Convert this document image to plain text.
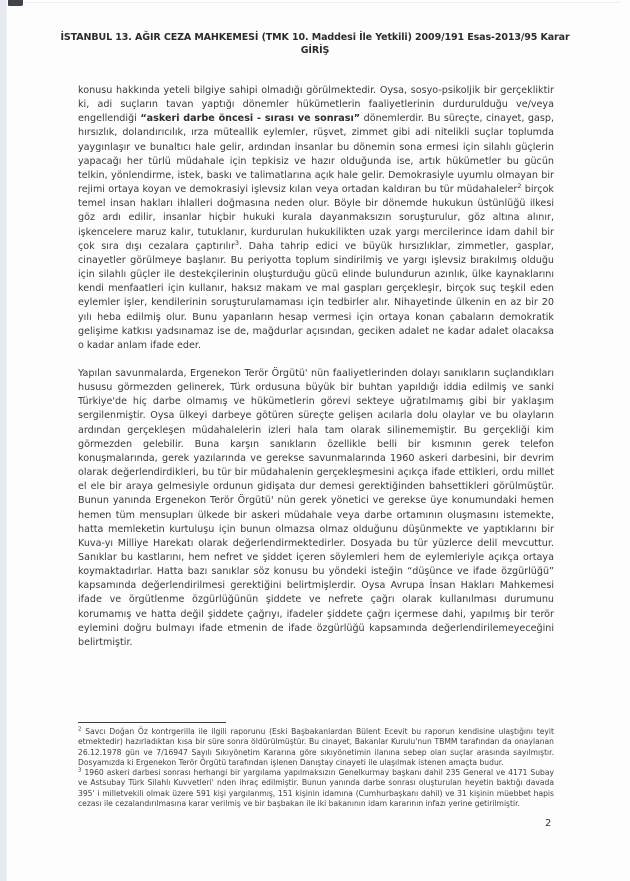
İSTANBUL 13. AĞIR CEZA MAHKEMESİ (TMK 10. Maddesi İle Yetkili) 2009/191 Esas-2013/95 Karar
GİRİŞ

konusu hakkında yeteli bilgiye sahipi olmadığı görülmektedir. Oysa, sosyo-psikoljik bir gerçekliktir ki, adi suçların tavan yaptığı dönemler hükümetlerin faaliyetlerinin durdurulduğu ve/veya engellendiği “askeri darbe öncesi - sırası ve sonrası” dönemlerdir. Bu süreçte, cinayet, gasp, hırsızlık, dolandırıcılık, ırza müteallik eylemler, rüşvet, zimmet gibi adi nitelikli suçlar toplumda yaygınlaşır ve bunaltıcı hale gelir, ardından insanlar bu dönemin sona ermesi için silahlı güçlerin yapacağı her türlü müdahale için tepkisiz ve hazır olduğunda ise, artık hükümetler bu gücün telkin, yönlendirme, istek, baskı ve talimatlarına açık hale gelir. Demokrasiyle uyumlu olmayan bir rejimi ortaya koyan ve demokrasiyi işlevsiz kılan veya ortadan kaldıran bu tür müdahaleler$^2$ birçok temel insan hakları ihlalleri doğmasına neden olur. Böyle bir dönemde hukukun üstünlüğü ilkesi göz ardı edilir, insanlar hiçbir hukuki kurala dayanmaksızın soruşturulur, göz altına alınır, işkencelere maruz kalır, tutuklanır, kurdurulan hukukilikten uzak yargı mercilerince idam dahil bir çok sıra dışı cezalara çaptırılır$^3$. Daha tahrip edici ve büyük hırsızlıklar, zimmetler, gasplar, cinayetler görülmeye başlanır. Bu periyotta toplum sindirilmiş ve yargı işlevsiz bırakılmış olduğu için silahlı güçler ile destekçilerinin oluşturduğu gücü elinde bulundurun azınlık, ülke kaynaklarını kendi menfaatleri için kullanır, haksız makam ve mal gaspları gerçekleşir, birçok suç teşkil eden eylemler işler, kendilerinin soruşturulamaması için tedbirler alır. Nihayetinde ülkenin en az bir 20 yılı heba edilmiş olur. Bunu yapanların hesap vermesi için ortaya konan çabaların demokratik gelişime katkısı yadsınamaz ise de, mağdurlar açısından, geciken adalet ne kadar adalet olacaksa o kadar anlam ifade eder.

Yapılan savunmalarda, Ergenekon Terör Örgütü' nün faaliyetlerinden dolayı sanıkların suçlandıkları hususu görmezden gelinerek, Türk ordusuna büyük bir buhtan yapıldığı iddia edilmiş ve sanki Türkiye'de hiç darbe olmamış ve hükümetlerin görevi sekteye uğratılmamış gibi bir yaklaşım sergilenmiştir. Oysa ülkeyi darbeye götüren süreçte gelişen acılarla dolu olaylar ve bu olayların ardından gerçekleşen müdahalelerin izleri hala tam olarak silinememiştir. Bu gerçekliği kim görmezden gelebilir. Buna karşın sanıkların özellikle belli bir kısmının gerek telefon konuşmalarında, gerek yazılarında ve gerekse savunmalarında 1960 askeri darbesini, bir devrim olarak değerlendirdikleri, bu tür bir müdahalenin gerçekleşmesini açıkça ifade ettikleri, ordu millet el ele bir araya gelmesiyle ordunun gidişata dur demesi gerektiğinden bahsettikleri görülmüştür. Bunun yanında Ergenekon Terör Örgütü' nün gerek yönetici ve gerekse üye konumundaki hemen hemen tüm mensupları ülkede bir askeri müdahale veya darbe ortamının oluşmasını istemekte, hatta memleketin kurtuluşu için bunun olmazsa olmaz olduğunu düşünmekte ve yaptıklarını bir Kuva-yı Milliye Harekatı olarak değerlendirmektedirler. Dosyada bu tür yüzlerce delil mevcuttur. Sanıklar bu kastlarını, hem nefret ve şiddet içeren söylemleri hem de eylemleriyle açıkça ortaya koymaktadırlar. Hatta bazı sanıklar söz konusu bu yöndeki isteğin “düşünce ve ifade özgürlüğü” kapsamında değerlendirilmesi gerektiğini belirtmişlerdir. Oysa Avrupa İnsan Hakları Mahkemesi ifade ve örgütlenme özgürlüğünün şiddete ve nefrete çağrı olarak kullanılması durumunu korumamış ve hatta değil şiddete çağrıyı, ifadeler şiddete çağrı içermese dahi, yapılmış bir terör eylemini doğru bulmayı ifade etmenin de ifade özgürlüğü kapsamında değerlendirilemeyeceğini belirtmiştir.

$^2$ Savcı Doğan Öz kontrgerilla ile ilgili raporunu (Eski Başbakanlardan Bülent Ecevit bu raporun kendisine ulaştığını teyit etmektedir) hazırladıktan kısa bir süre sonra öldürülmüştür. Bu cinayet, Bakanlar Kurulu'nun TBMM tarafından da onaylanan 26.12.1978 gün ve 7/16947 Sayılı Sıkıyönetim Kararına göre sıkıyönetimin ilanına sebep olan suçlar arasında sayılmıştır. Dosyamızda ki Ergenekon Terör Örgütü tarafından işlenen Danıştay cinayeti ile ulaşılmak istenen amaçta budur.

$^3$ 1960 askeri darbesi sonrası herhangi bir yargılama yapılmaksızın Genelkurmay başkanı dahil 235 General ve 4171 Subay ve Astsubay Türk Silahlı Kuvvetleri' nden ihraç edilmiştir. Bunun yanında darbe sonrası oluşturulan heyetin baktığı davada 395' i milletvekili olmak üzere 591 kişi yargılanmış, 151 kişinin idamına (Cumhurbaşkanı dahil) ve 31 kişinin müebbet hapis cezası ile cezalandırılmasına karar verilmiş ve bir başbakan ile iki bakanının idam kararının infazı yerine getirilmiştir.

2
